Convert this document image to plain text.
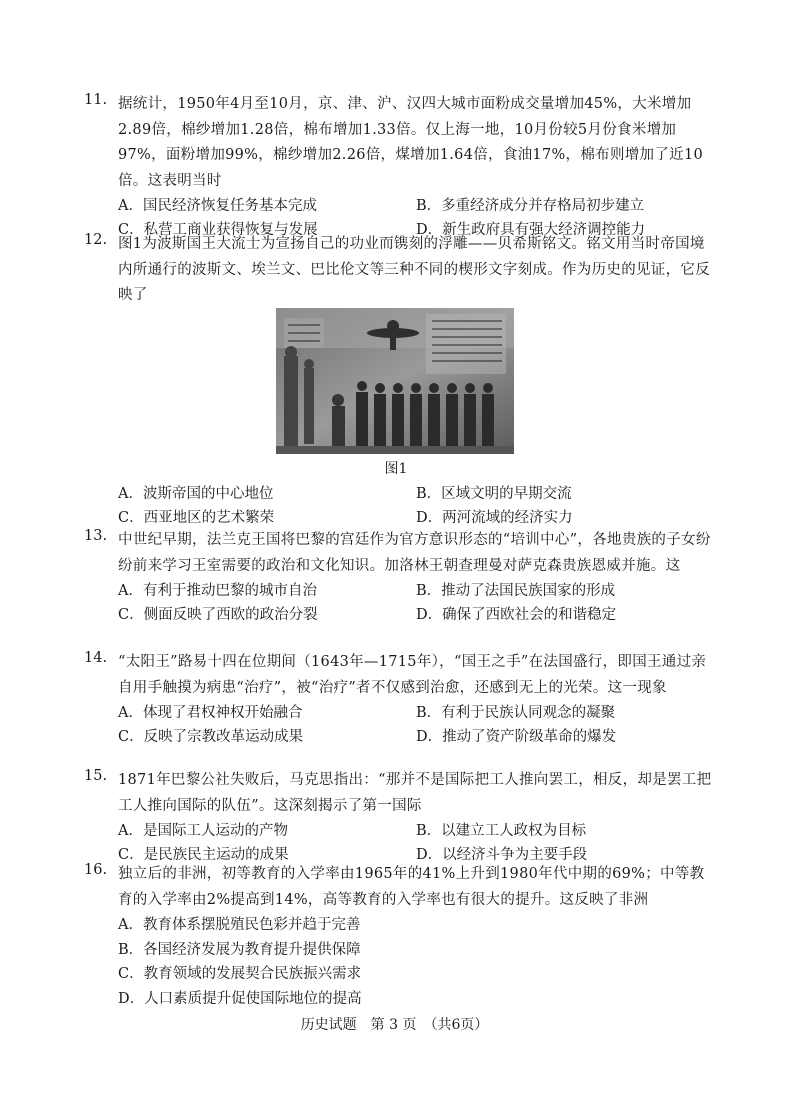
11. 据统计，1950年4月至10月，京、津、沪、汉四大城市面粉成交量增加45%，大米增加2.89倍，棉纱增加1.28倍，棉布增加1.33倍。仅上海一地，10月份较5月份食米增加97%，面粉增加99%，棉纱增加2.26倍，煤增加1.64倍，食油17%，棉布则增加了近10倍。这表明当时
A．国民经济恢复任务基本完成	B．多重经济成分并存格局初步建立
C．私营工商业获得恢复与发展	D．新生政府具有强大经济调控能力
12. 图1为波斯国王大流士为宣扬自己的功业而镌刻的浮雕——贝希斯铭文。铭文用当时帝国境内所通行的波斯文、埃兰文、巴比伦文等三种不同的楔形文字刻成。作为历史的见证，它反映了
图1
A．波斯帝国的中心地位	B．区域文明的早期交流
C．西亚地区的艺术繁荣	D．两河流域的经济实力
13. 中世纪早期，法兰克王国将巴黎的宫廷作为官方意识形态的“培训中心”，各地贵族的子女纷纷前来学习王室需要的政治和文化知识。加洛林王朝查理曼对萨克森贵族恩威并施。这
A．有利于推动巴黎的城市自治	B．推动了法国民族国家的形成
C．侧面反映了西欧的政治分裂	D．确保了西欧社会的和谐稳定
14. “太阳王”路易十四在位期间（1643年—1715年），“国王之手”在法国盛行，即国王通过亲自用手触摸为病患“治疗”，被“治疗”者不仅感到治愈，还感到无上的光荣。这一现象
A．体现了君权神权开始融合	B．有利于民族认同观念的凝聚
C．反映了宗教改革运动成果	D．推动了资产阶级革命的爆发
15. 1871年巴黎公社失败后，马克思指出：“那并不是国际把工人推向罢工，相反，却是罢工把工人推向国际的队伍”。这深刻揭示了第一国际
A．是国际工人运动的产物	B．以建立工人政权为目标
C．是民族民主运动的成果	D．以经济斗争为主要手段
16. 独立后的非洲，初等教育的入学率由1965年的41%上升到1980年代中期的69%；中等教育的入学率由2%提高到14%，高等教育的入学率也有很大的提升。这反映了非洲
A．教育体系摆脱殖民色彩并趋于完善
B．各国经济发展为教育提升提供保障
C．教育领域的发展契合民族振兴需求
D．人口素质提升促使国际地位的提高
历史试题　第 3 页　（共6页）
